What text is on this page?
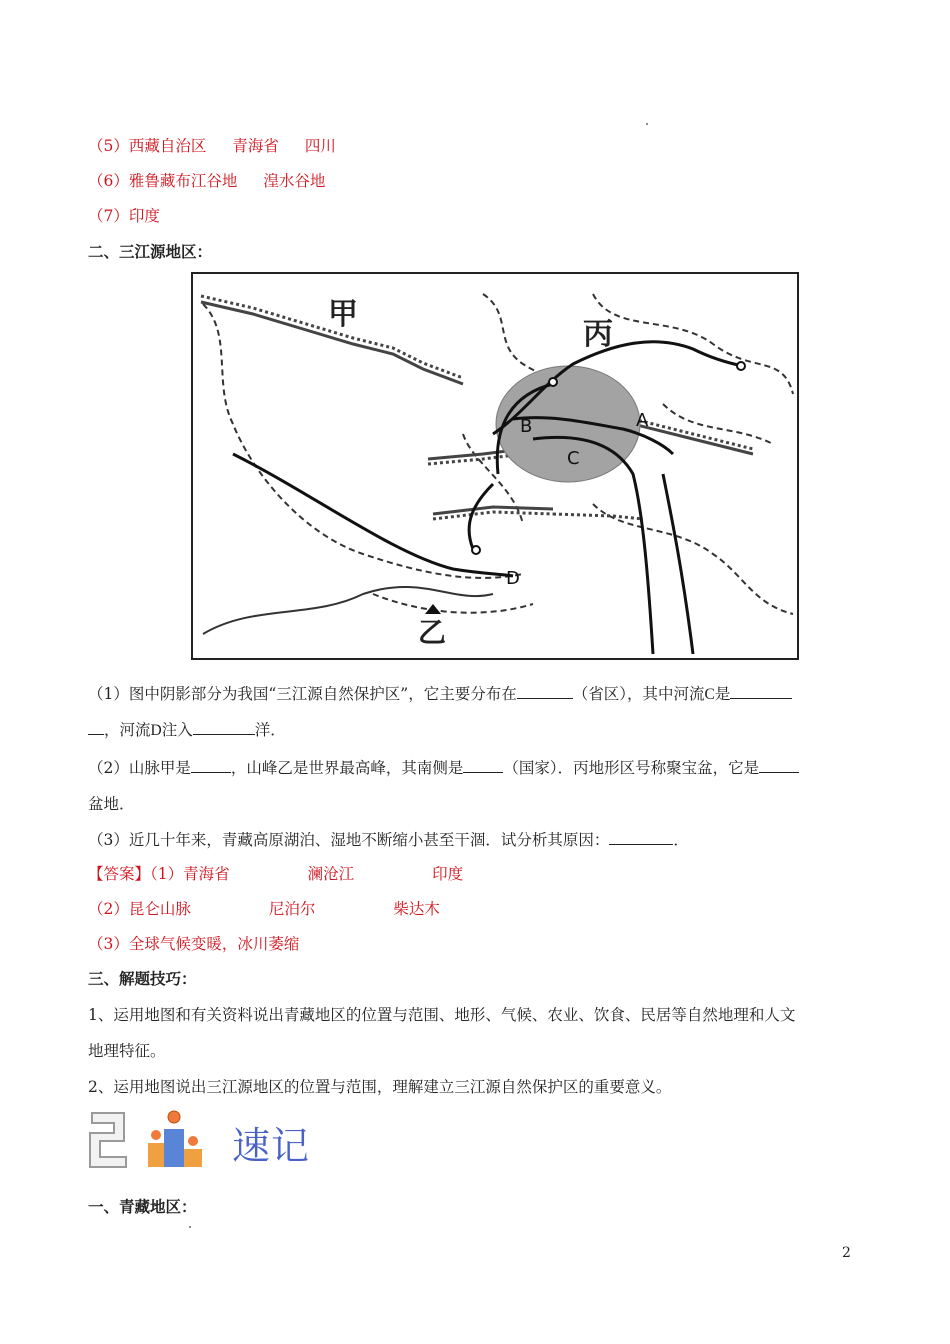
（5）西藏自治区 青海省 四川
（6）雅鲁藏布江谷地 湟水谷地
（7）印度
二、三江源地区：
甲
丙
乙
A
B
C
D
（1）图中阴影部分为我国“三江源自然保护区”，它主要分布在	（省区），其中河流C是
，河流D注入	洋．
（2）山脉甲是	，山峰乙是世界最高峰，其南侧是	（国家）．丙地形区号称聚宝盆，它是
盆地．
（3）近几十年来，青藏高原湖泊、湿地不断缩小甚至干涸．试分析其原因：	．
【答案】（1）青海省	澜沧江	印度
（2）昆仑山脉	尼泊尔	柴达木
（3）全球气候变暖，冰川萎缩
三、解题技巧：
1、运用地图和有关资料说出青藏地区的位置与范围、地形、气候、农业、饮食、民居等自然地理和人文
地理特征。
2、运用地图说出三江源地区的位置与范围，理解建立三江源自然保护区的重要意义。
速记
一、青藏地区：
2
